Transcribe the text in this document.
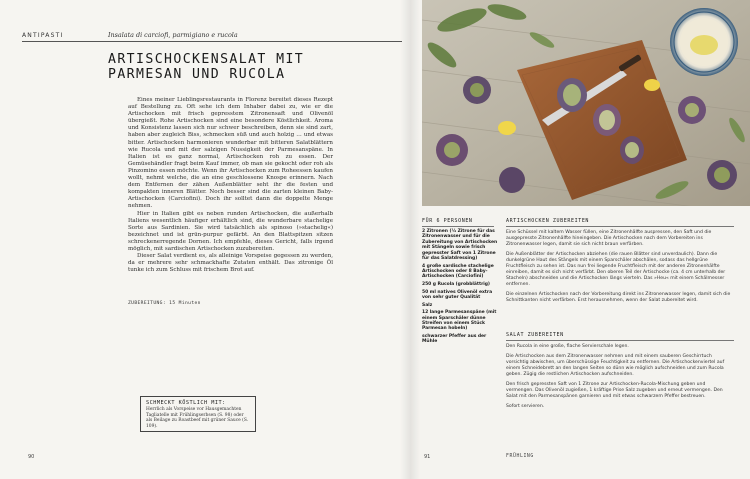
ANTIPASTI	Insalata di carciofi, parmigiano e rucola
ARTISCHOCKENSALAT MIT
PARMESAN UND RUCOLA

Eines meiner Lieblingsrestaurants in Florenz bereitet dieses Rezept auf Bestellung zu. Oft sehe ich dem Inhaber dabei zu, wie er die Artischocken mit frisch gepresstem Zitronensaft und Olivenöl übergießt. Rohe Artischocken sind eine besondere Köstlichkeit. Aroma und Konsistenz lassen sich nur schwer beschreiben, denn sie sind zart, haben aber zugleich Biss, schmecken süß und auch holzig … und etwas bitter. Artischocken harmonieren wunderbar mit bitteren Salatblättern wie Rucola und mit der salzigen Nussigkeit der Parmesanspäne. In Italien ist es ganz normal, Artischocken roh zu essen. Der Gemüsehändler fragt beim Kauf immer, ob man sie gekocht oder roh als Pinzomino essen möchte. Wenn ihr Artischocken zum Roheessen kaufen wollt, nehmt welche, die an eine geschlossene Knospe erinnern. Nach dem Entfernen der zähen Außenblätter seht ihr die festen und kompakten inneren Blätter. Noch besser sind die zarten kleinen Baby-Artischocken (Carciofini). Doch ihr solltet dann die doppelte Menge nehmen.

Hier in Italien gibt es neben runden Artischocken, die außerhalb Italiens wesentlich häufiger erhältlich sind, die wunderbare stachelige Sorte aus Sardinien. Sie wird tatsächlich als spinoso (»stachelig«) bezeichnet und ist grün-purpur gefärbt. An den Blattspitzen sitzen schreckenerregende Dornen. Ich empfehle, dieses Gericht, falls irgend möglich, mit sardischen Artischocken zuzubereiten.

Dieser Salat verdient es, als alleinige Vorspeise gegessen zu werden, da er mehrere sehr schmackhafte Zutaten enthält. Das zitronige Öl tunke ich zum Schluss mit frischem Brot auf.

ZUBEREITUNG: 15 Minuten
SCHMECKT KÖSTLICH MIT:
Herrlich als Vorspeise vor Hausgemachten Tagliatelle mit Frühlingserbsen (S. 98) oder als Beilage zu Roastbeef mit grüner Sauce (S. 109).
90
FÜR 6 PERSONEN
2 Zitronen (½ Zitrone für das Zitronenwasser und für die Zubereitung von Artischocken mit Stängeln sowie frisch gepresster Saft von 1 Zitrone für das Salatdressing)
4 große sardische stachelige Artischocken oder 8 Baby-Artischocken (Carciofini)
250 g Rucola (grobblättrig)
50 ml natives Olivenöl extra von sehr guter Qualität
Salz
12 lange Parmesanspäne (mit einem Sparschäler dünne Streifen von einem Stück Parmesan hobeln)
schwarzer Pfeffer aus der Mühle
ARTISCHOCKEN ZUBEREITEN

Eine Schüssel mit kaltem Wasser füllen, eine Zitronenhälfte auspressen, den Saft und die ausgepresste Zitronenhälfte hineingeben. Die Artischocken nach dem Vorbereiten ins Zitronenwasser legen, damit sie sich nicht braun verfärben.

Die Außenblätter der Artischocken abziehen (die rauen Blätter sind unverdaulich). Dann die dunkelgrüne Haut des Stängels mit einem Sparschäler abschälen, sodass das hellgrüne Fruchtfleisch zu sehen ist. Das nun frei liegende Fruchtfleisch mit der anderen Zitronenhälfte einreiben, damit es sich nicht verfärbt. Den oberen Teil der Artischocke (ca. 4 cm unterhalb der Stacheln) abschneiden und die Artischocken längs vierteln. Das »Heu« mit einem Schälmesser entfernen.

Die einzelnen Artischocken nach der Vorbereitung direkt ins Zitronenwasser legen, damit sich die Schnittkanten nicht verfärben. Erst herausnehmen, wenn der Salat zubereitet wird.

SALAT ZUBEREITEN

Den Rucola in eine große, flache Servierschale legen.

Die Artischocken aus dem Zitronenwasser nehmen und mit einem sauberen Geschirrtuch vorsichtig abwischen, um überschüssige Feuchtigkeit zu entfernen. Die Artischockenviertel auf einem Schneidebrett an den langen Seiten so dünn wie möglich aufschneiden und zum Rucola geben. Zügig die restlichen Artischocken aufschneiden.

Den frisch gepressten Saft von 1 Zitrone zur Artischocken-Rucola-Mischung geben und vermengen. Das Olivenöl zugießen, 1 kräftige Prise Salz zugeben und erneut vermengen. Den Salat mit den Parmesanspänen garnieren und mit etwas schwarzem Pfeffer bestreuen.

Sofort servieren.

91	FRÜHLING
